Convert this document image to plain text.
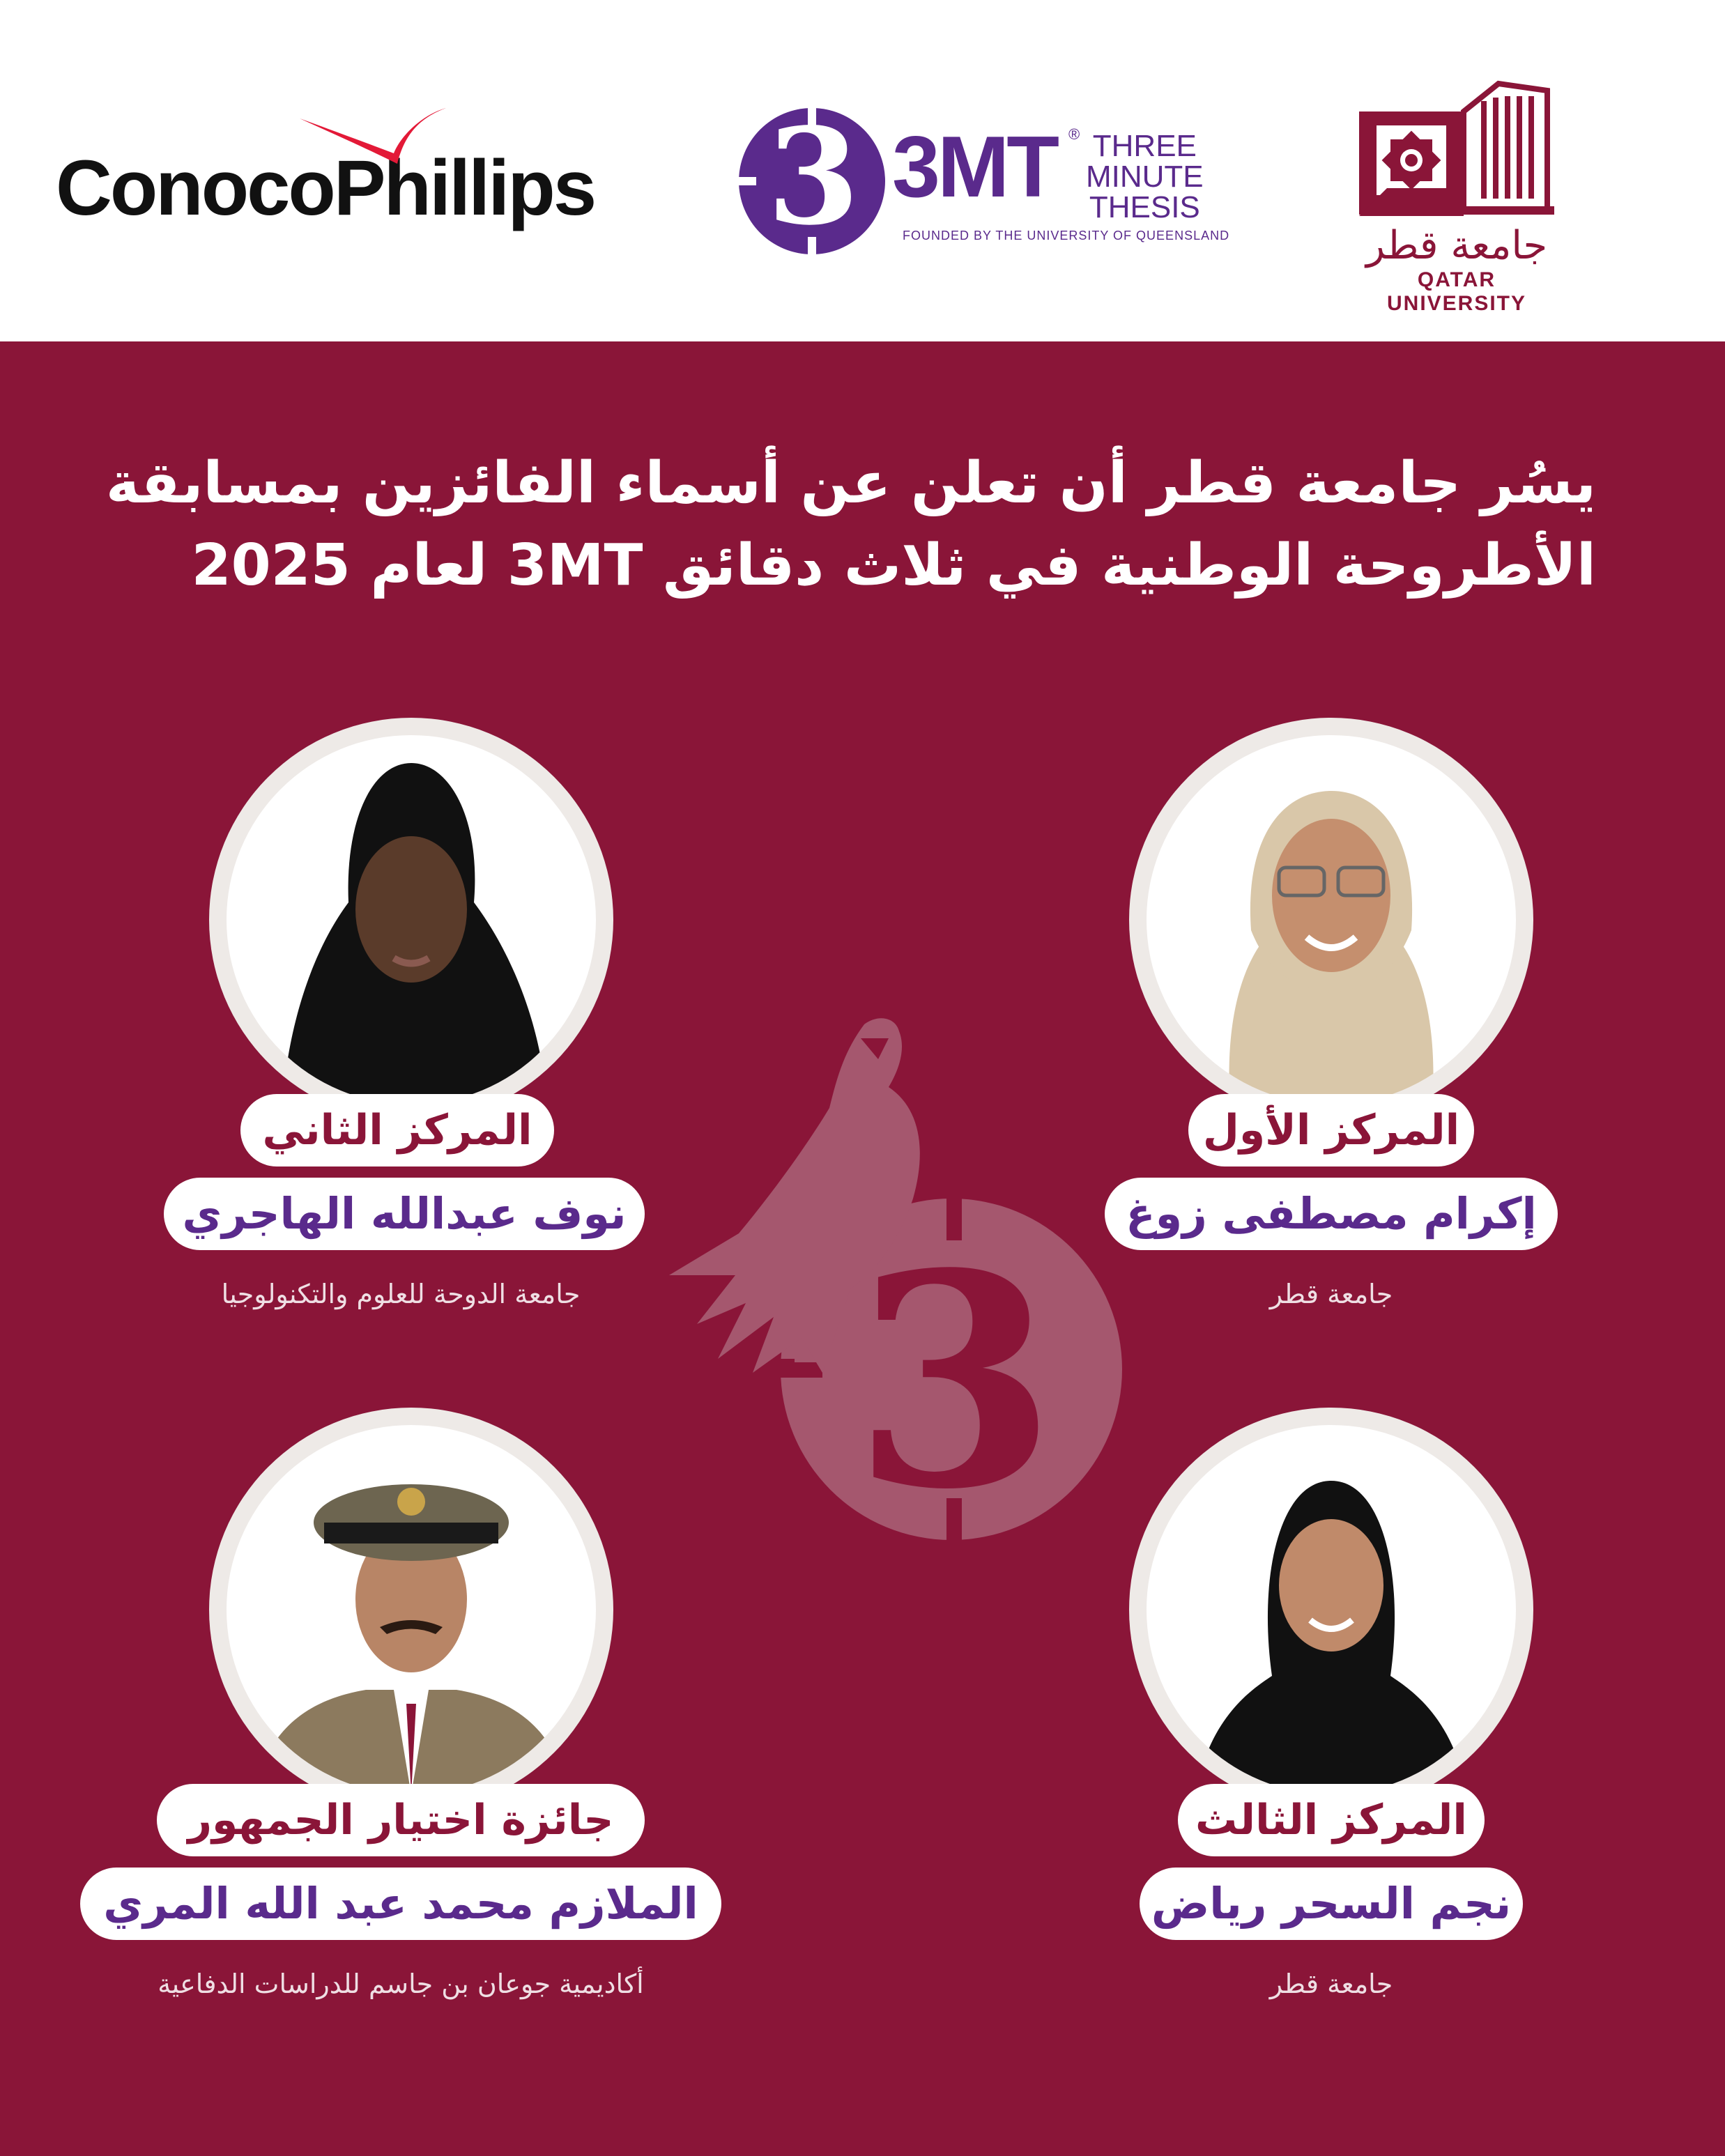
ConocoPhillips 3 3MT ® THREE
MINUTE
THESIS
FOUNDED BY THE UNIVERSITY OF QUEENSLAND	جامعة قطر
QATAR UNIVERSITY
يسُر جامعة قطر أن تعلن عن أسماء الفائزين بمسابقة
الأطروحة الوطنية في ثلاث دقائق 3MT لعام 2025
3
المركز الأول
إكرام مصطفى زوغ
جامعة قطر
المركز الثاني
نوف عبدالله الهاجري
جامعة الدوحة للعلوم والتكنولوجيا
المركز الثالث
نجم السحر رياض
جامعة قطر
جائزة اختيار الجمهور
الملازم محمد عبد الله المري
أكاديمية جوعان بن جاسم للدراسات الدفاعية
